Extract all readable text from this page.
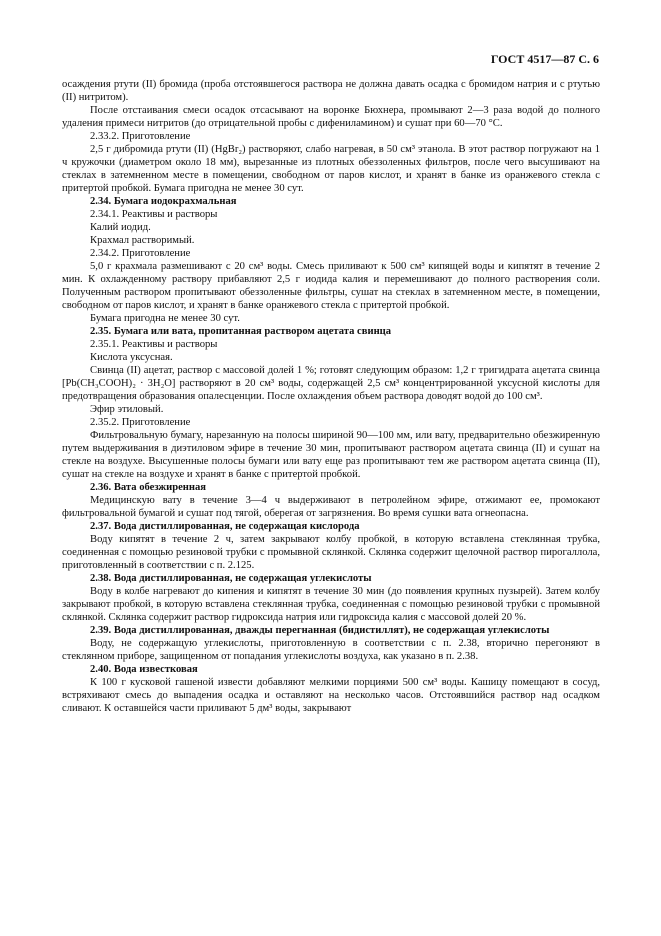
ГОСТ 4517—87 С. 6

осаждения ртути (II) бромида (проба отстоявшегося раствора не должна давать осадка с бромидом натрия и с ртутью (II) нитритом).

После отстаивания смеси осадок отсасывают на воронке Бюхнера, промывают 2—3 раза водой до полного удаления примеси нитритов (до отрицательной пробы с дифениламином) и сушат при 60—70 °С.

2.33.2. Приготовление

2,5 г дибромида ртути (II) (HgBr₂) растворяют, слабо нагревая, в 50 см³ этанола. В этот раствор погружают на 1 ч кружочки (диаметром около 18 мм), вырезанные из плотных обеззоленных фильтров, после чего высушивают на стеклах в затемненном месте в помещении, свободном от паров кислот, и хранят в банке из оранжевого стекла с притертой пробкой. Бумага пригодна не менее 30 сут.

2.34. Бумага иодокрахмальная

2.34.1. Реактивы и растворы

Калий иодид.

Крахмал растворимый.

2.34.2. Приготовление

5,0 г крахмала размешивают с 20 см³ воды. Смесь приливают к 500 см³ кипящей воды и кипятят в течение 2 мин. К охлажденному раствору прибавляют 2,5 г иодида калия и перемешивают до полного растворения соли. Полученным раствором пропитывают обеззоленные фильтры, сушат на стеклах в затемненном месте, в помещении, свободном от паров кислот, и хранят в банке оранжевого стекла с притертой пробкой.

Бумага пригодна не менее 30 сут.

2.35. Бумага или вата, пропитанная раствором ацетата свинца

2.35.1. Реактивы и растворы

Кислота уксусная.

Свинца (II) ацетат, раствор с массовой долей 1 %; готовят следующим образом: 1,2 г тригидрата ацетата свинца [Pb(CH₃COOH)₂ · 3H₂O] растворяют в 20 см³ воды, содержащей 2,5 см³ концентрированной уксусной кислоты для предотвращения образования опалесценции. После охлаждения объем раствора доводят водой до 100 см³.

Эфир этиловый.

2.35.2. Приготовление

Фильтровальную бумагу, нарезанную на полосы шириной 90—100 мм, или вату, предварительно обезжиренную путем выдерживания в диэтиловом эфире в течение 30 мин, пропитывают раствором ацетата свинца (II) и сушат на стекле на воздухе. Высушенные полосы бумаги или вату еще раз пропитывают тем же раствором ацетата свинца (II), сушат на стекле на воздухе и хранят в банке с притертой пробкой.

2.36. Вата обезжиренная

Медицинскую вату в течение 3—4 ч выдерживают в петролейном эфире, отжимают ее, промокают фильтровальной бумагой и сушат под тягой, оберегая от загрязнения. Во время сушки вата огнеопасна.

2.37. Вода дистиллированная, не содержащая кислорода

Воду кипятят в течение 2 ч, затем закрывают колбу пробкой, в которую вставлена стеклянная трубка, соединенная с помощью резиновой трубки с промывной склянкой. Склянка содержит щелочной раствор пирогаллола, приготовленный в соответствии с п. 2.125.

2.38. Вода дистиллированная, не содержащая углекислоты

Воду в колбе нагревают до кипения и кипятят в течение 30 мин (до появления крупных пузырей). Затем колбу закрывают пробкой, в которую вставлена стеклянная трубка, соединенная с помощью резиновой трубки с промывной склянкой. Склянка содержит раствор гидроксида натрия или гидроксида калия с массовой долей 20 %.

2.39. Вода дистиллированная, дважды перегнанная (бидистиллят), не содержащая углекислоты

Воду, не содержащую углекислоты, приготовленную в соответствии с п. 2.38, вторично перегоняют в стеклянном приборе, защищенном от попадания углекислоты воздуха, как указано в п. 2.38.

2.40. Вода известковая

К 100 г кусковой гашеной извести добавляют мелкими порциями 500 см³ воды. Кашицу помещают в сосуд, встряхивают смесь до выпадения осадка и оставляют на несколько часов. Отстоявшийся раствор над осадком сливают. К оставшейся части приливают 5 дм³ воды, закрывают
